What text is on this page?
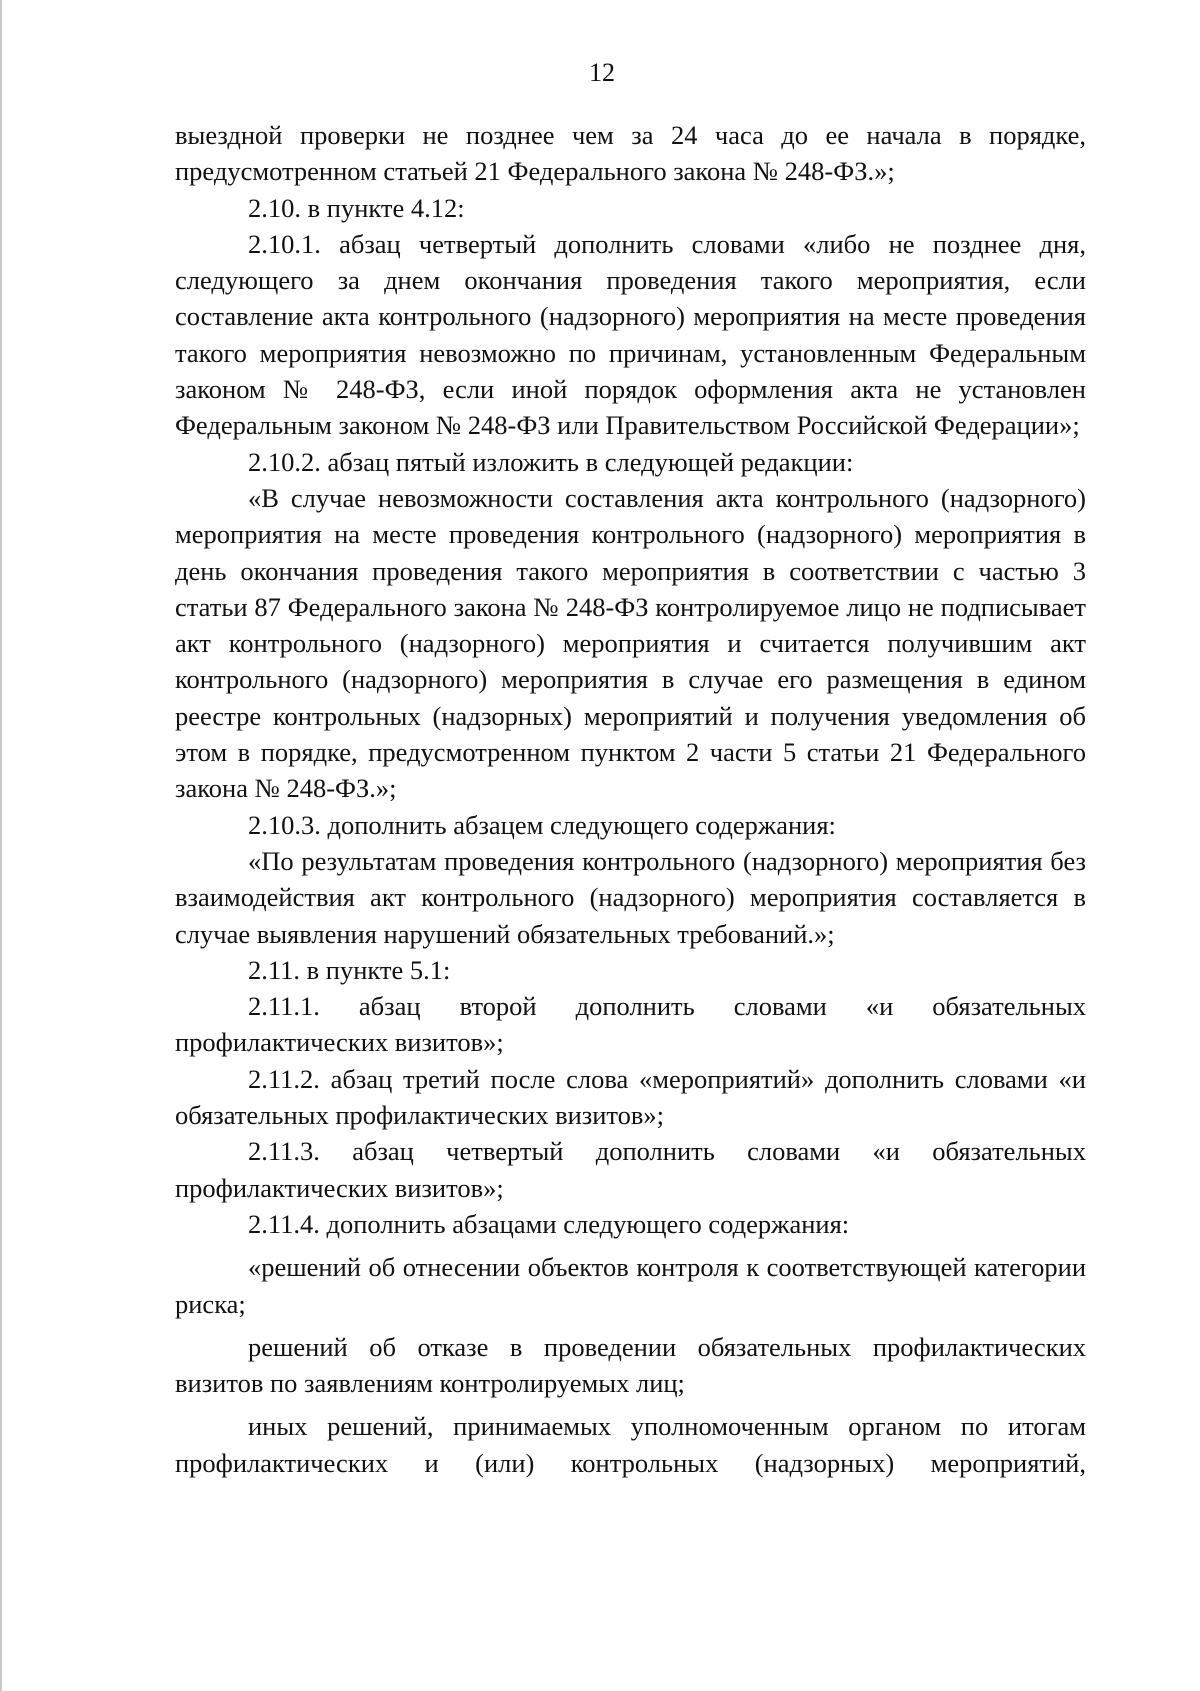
12

выездной проверки не позднее чем за 24 часа до ее начала в порядке, предусмотренном статьей 21 Федерального закона № 248-ФЗ.»;

2.10. в пункте 4.12:

2.10.1. абзац четвертый дополнить словами «либо не позднее дня, следующего за днем окончания проведения такого мероприятия, если составление акта контрольного (надзорного) мероприятия на месте проведения такого мероприятия невозможно по причинам, установленным Федеральным законом № 248-ФЗ, если иной порядок оформления акта не установлен Федеральным законом № 248-ФЗ или Правительством Российской Федерации»;

2.10.2. абзац пятый изложить в следующей редакции:

«В случае невозможности составления акта контрольного (надзорного) мероприятия на месте проведения контрольного (надзорного) мероприятия в день окончания проведения такого мероприятия в соответствии с частью 3 статьи 87 Федерального закона № 248-ФЗ контролируемое лицо не подписывает акт контрольного (надзорного) мероприятия и считается получившим акт контрольного (надзорного) мероприятия в случае его размещения в едином реестре контрольных (надзорных) мероприятий и получения уведомления об этом в порядке, предусмотренном пунктом 2 части 5 статьи 21 Федерального закона № 248-ФЗ.»;

2.10.3. дополнить абзацем следующего содержания:

«По результатам проведения контрольного (надзорного) мероприятия без взаимодействия акт контрольного (надзорного) мероприятия составляется в случае выявления нарушений обязательных требований.»;

2.11. в пункте 5.1:

2.11.1. абзац второй дополнить словами «и обязательных профилактических визитов»;

2.11.2. абзац третий после слова «мероприятий» дополнить словами «и обязательных профилактических визитов»;

2.11.3. абзац четвертый дополнить словами «и обязательных профилактических визитов»;

2.11.4. дополнить абзацами следующего содержания:

«решений об отнесении объектов контроля к соответствующей категории риска;

решений об отказе в проведении обязательных профилактических визитов по заявлениям контролируемых лиц;

иных решений, принимаемых уполномоченным органом по итогам профилактических и (или) контрольных (надзорных) мероприятий,
